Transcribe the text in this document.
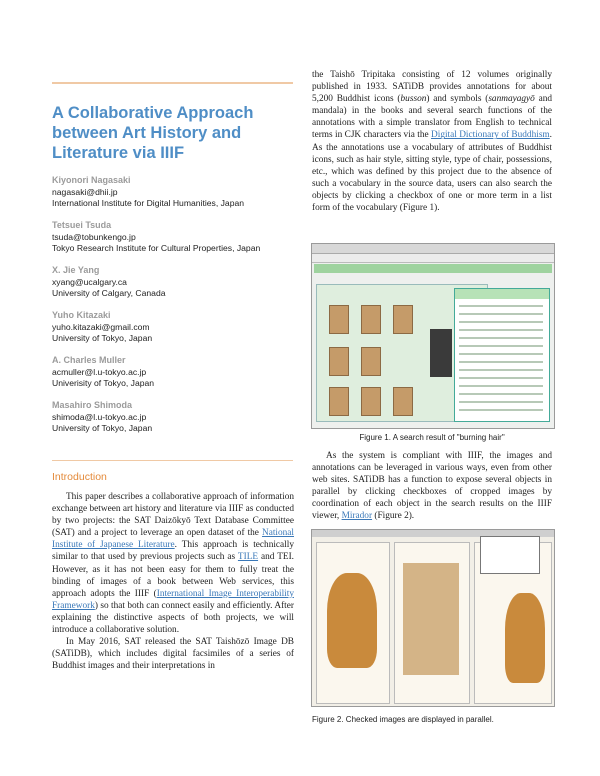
A Collaborative Approach between Art History and Literature via IIIF
Kiyonori Nagasaki
nagasaki@dhii.jp
International Institute for Digital Humanities, Japan
Tetsuei Tsuda
tsuda@tobunkengo.jp
Tokyo Research Institute for Cultural Properties, Japan
X. Jie Yang
xyang@ucalgary.ca
University of Calgary, Canada
Yuho Kitazaki
yuho.kitazaki@gmail.com
University of Tokyo, Japan
A. Charles Muller
acmuller@l.u-tokyo.ac.jp
Univerisity of Tokyo, Japan
Masahiro Shimoda
shimoda@l.u-tokyo.ac.jp
University of Tokyo, Japan
Introduction

This paper describes a collaborative approach of information exchange between art history and literature via IIIF as conducted by two projects: the SAT Daizōkyō Text Database Committee (SAT) and a project to leverage an open dataset of the National Institute of Japanese Literature. This approach is technically similar to that used by previous projects such as TILE and TEI. However, as it has not been easy for them to fully treat the binding of images of a book between Web services, this approach adopts the IIIF (International Image Interoperability Framework) so that both can connect easily and efficiently. After explaining the distinctive aspects of both projects, we will introduce a collaborative solution.

In May 2016, SAT released the SAT Taishōzō Image DB (SATiDB), which includes digital facsimiles of a series of Buddhist images and their interpretations in

the Taishō Tripitaka consisting of 12 volumes originally published in 1933. SATiDB provides annotations for about 5,200 Buddhist icons (busson) and symbols (sanmayagyō and mandala) in the books and several search functions of the annotations with a simple translator from English to technical terms in CJK characters via the Digital Dictionary of Buddhism. As the annotations use a vocabulary of attributes of Buddhist icons, such as hair style, sitting style, type of chair, possessions, etc., which was defined by this project due to the absence of such a vocabulary in the source data, users can also search the objects by clicking a checkbox of one or more term in a list form of the vocabulary (Figure 1).

Figure 1. A search result of "burning hair"

As the system is compliant with IIIF, the images and annotations can be leveraged in various ways, even from other web sites. SATiDB has a function to expose several objects in parallel by clicking checkboxes of cropped images by coordination of each object in the search results on the IIIF viewer, Mirador (Figure 2).

Figure 2. Checked images are displayed in parallel.
